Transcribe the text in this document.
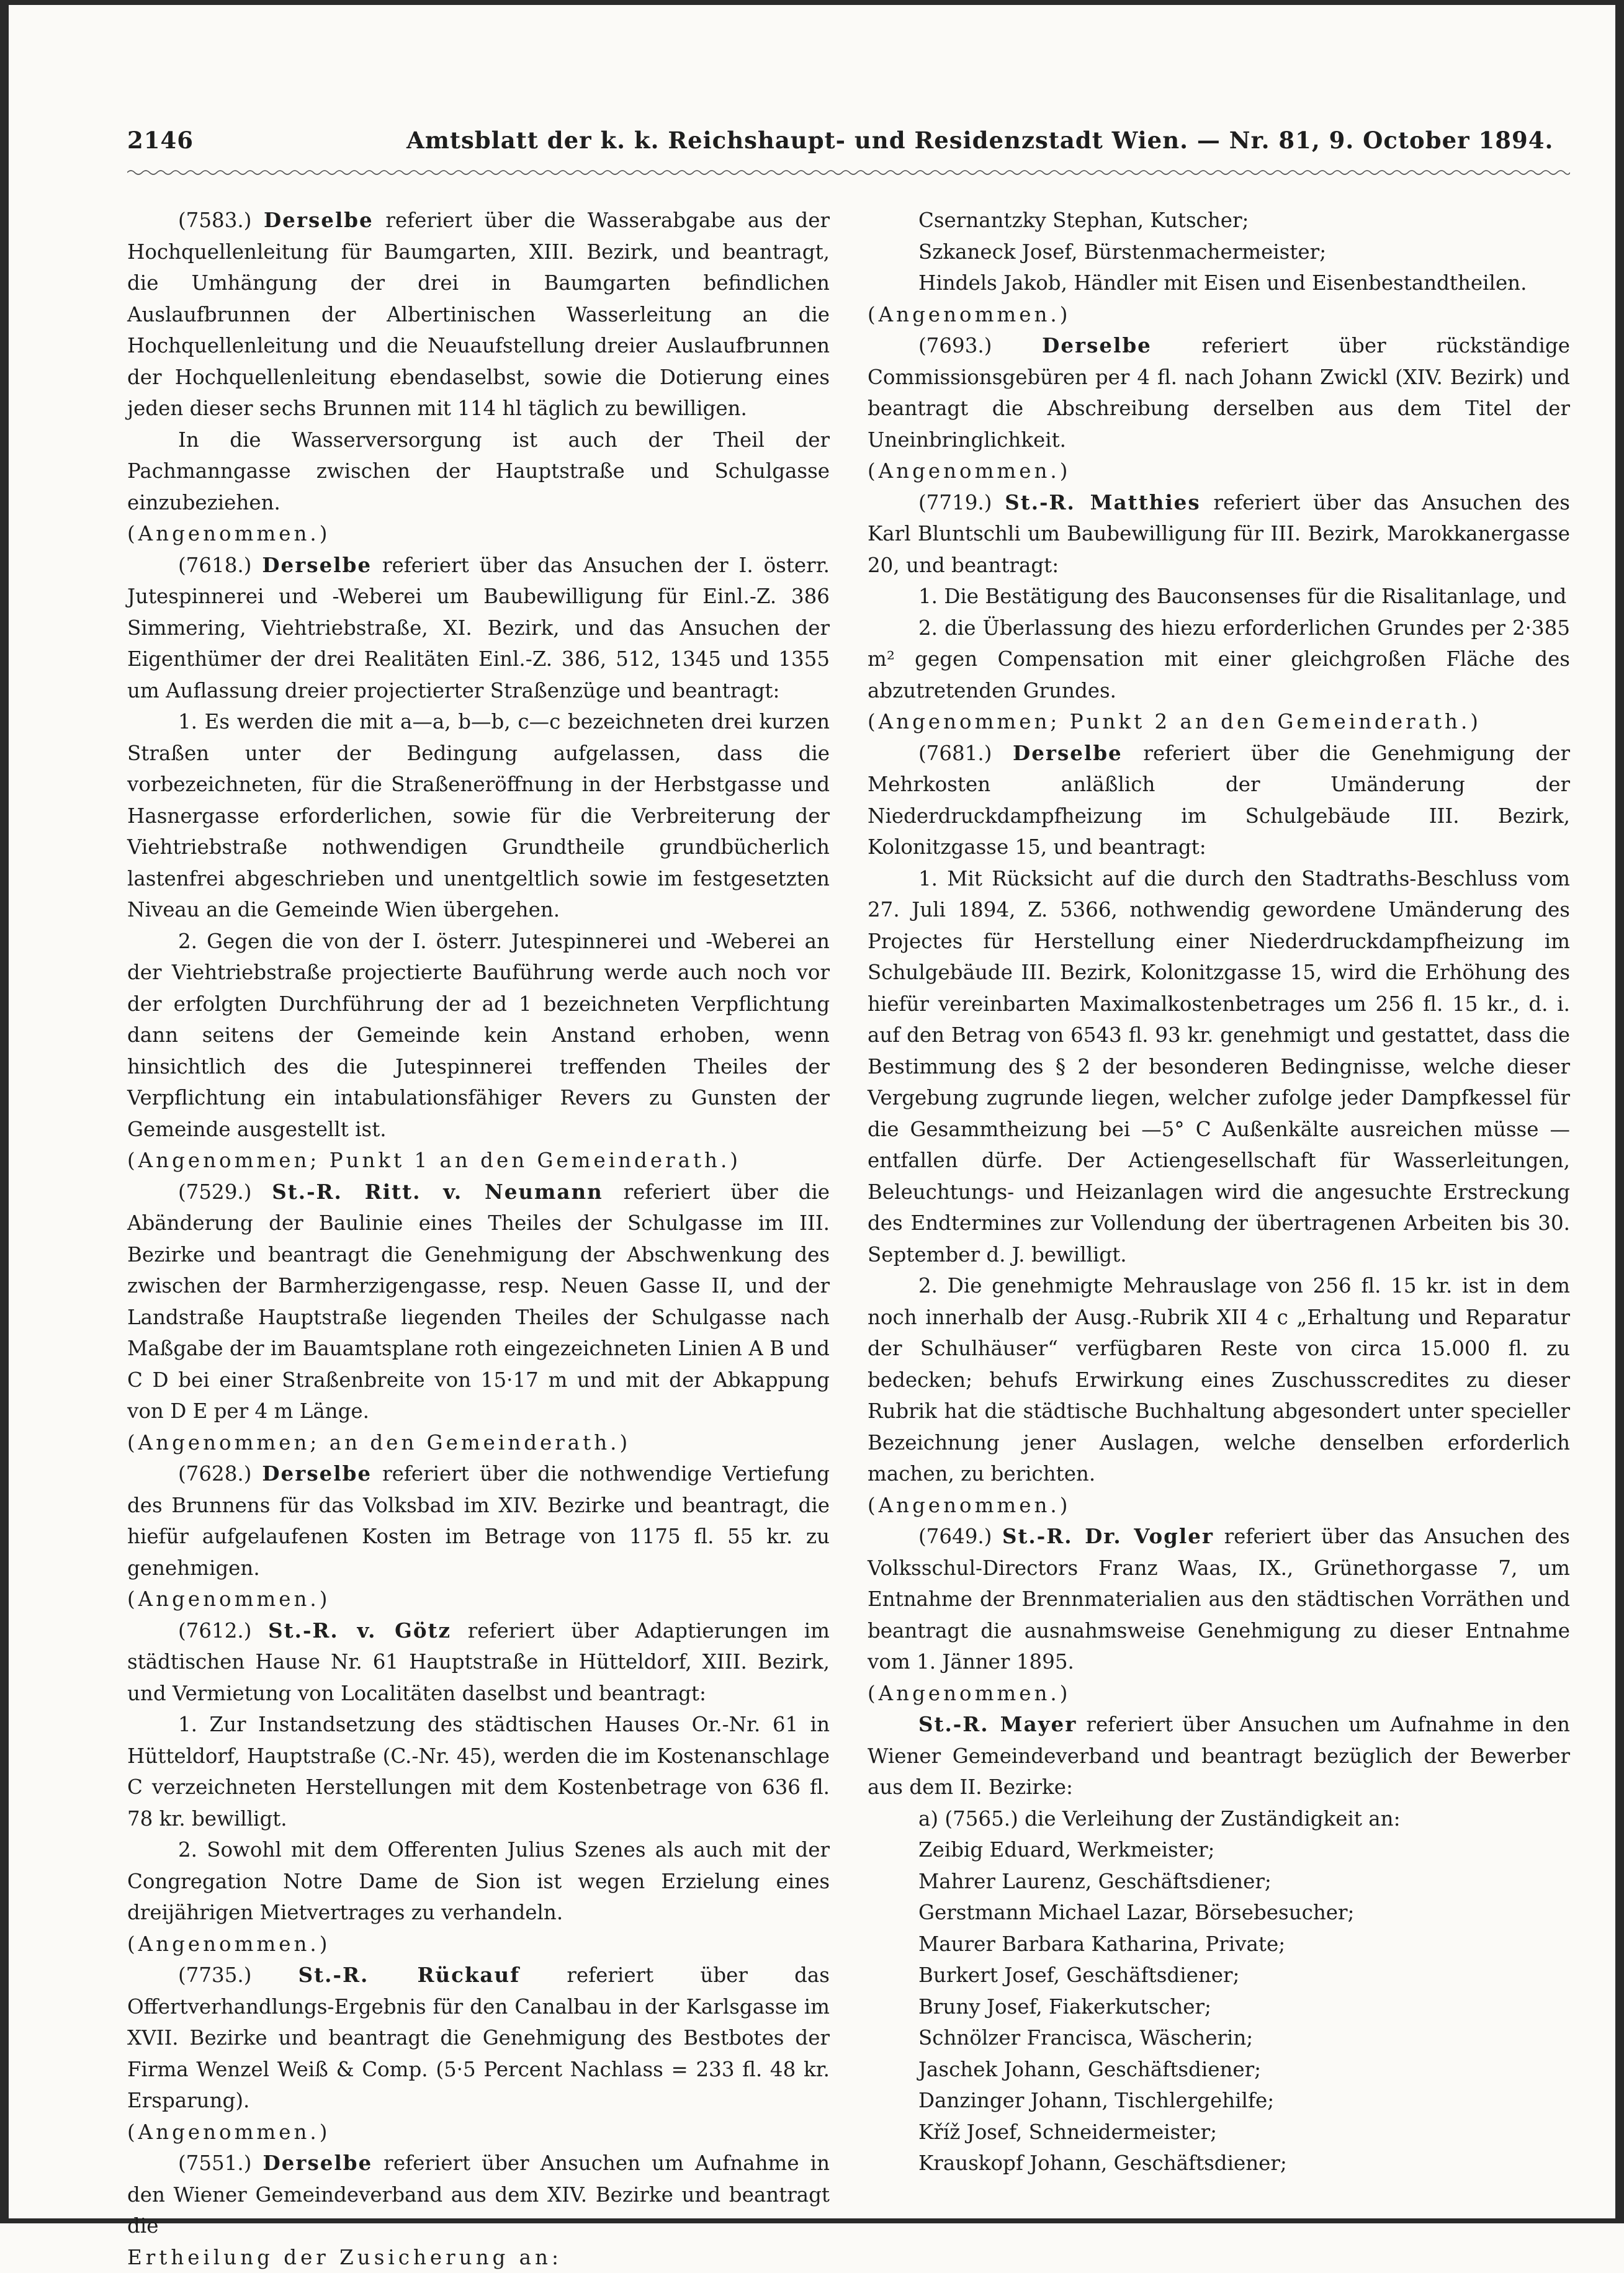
2146	Amtsblatt der k. k. Reichshaupt- und Residenzstadt Wien. — Nr. 81, 9. October 1894.

(7583.) Derselbe referiert über die Wasserabgabe aus der Hochquellenleitung für Baumgarten, XIII. Bezirk, und beantragt, die Umhängung der drei in Baumgarten befindlichen Auslaufbrunnen der Albertinischen Wasserleitung an die Hochquellenleitung und die Neuaufstellung dreier Auslaufbrunnen der Hochquellenleitung ebendaselbst, sowie die Dotierung eines jeden dieser sechs Brunnen mit 114 hl täglich zu bewilligen.

In die Wasserversorgung ist auch der Theil der Pachmanngasse zwischen der Hauptstraße und Schulgasse einzubeziehen.

(Angenommen.)

(7618.) Derselbe referiert über das Ansuchen der I. österr. Jutespinnerei und -Weberei um Baubewilligung für Einl.-Z. 386 Simmering, Viehtriebstraße, XI. Bezirk, und das Ansuchen der Eigenthümer der drei Realitäten Einl.-Z. 386, 512, 1345 und 1355 um Auflassung dreier projectierter Straßenzüge und beantragt:

1. Es werden die mit a—a, b—b, c—c bezeichneten drei kurzen Straßen unter der Bedingung aufgelassen, dass die vorbezeichneten, für die Straßeneröffnung in der Herbstgasse und Hasnergasse erforderlichen, sowie für die Verbreiterung der Viehtriebstraße nothwendigen Grundtheile grundbücherlich lastenfrei abgeschrieben und unentgeltlich sowie im festgesetzten Niveau an die Gemeinde Wien übergehen.

2. Gegen die von der I. österr. Jutespinnerei und -Weberei an der Viehtriebstraße projectierte Bauführung werde auch noch vor der erfolgten Durchführung der ad 1 bezeichneten Verpflichtung dann seitens der Gemeinde kein Anstand erhoben, wenn hinsichtlich des die Jutespinnerei treffenden Theiles der Verpflichtung ein intabulationsfähiger Revers zu Gunsten der Gemeinde ausgestellt ist.

(Angenommen; Punkt 1 an den Gemeinderath.)

(7529.) St.-R. Ritt. v. Neumann referiert über die Abänderung der Baulinie eines Theiles der Schulgasse im III. Bezirke und beantragt die Genehmigung der Abschwenkung des zwischen der Barmherzigengasse, resp. Neuen Gasse II, und der Landstraße Hauptstraße liegenden Theiles der Schulgasse nach Maßgabe der im Bauamtsplane roth eingezeichneten Linien A B und C D bei einer Straßenbreite von 15·17 m und mit der Abkappung von D E per 4 m Länge.

(Angenommen; an den Gemeinderath.)

(7628.) Derselbe referiert über die nothwendige Vertiefung des Brunnens für das Volksbad im XIV. Bezirke und beantragt, die hiefür aufgelaufenen Kosten im Betrage von 1175 fl. 55 kr. zu genehmigen.

(Angenommen.)

(7612.) St.-R. v. Götz referiert über Adaptierungen im städtischen Hause Nr. 61 Hauptstraße in Hütteldorf, XIII. Bezirk, und Vermietung von Localitäten daselbst und beantragt:

1. Zur Instandsetzung des städtischen Hauses Or.-Nr. 61 in Hütteldorf, Hauptstraße (C.-Nr. 45), werden die im Kostenanschlage C verzeichneten Herstellungen mit dem Kostenbetrage von 636 fl. 78 kr. bewilligt.

2. Sowohl mit dem Offerenten Julius Szenes als auch mit der Congregation Notre Dame de Sion ist wegen Erzielung eines dreijährigen Mietvertrages zu verhandeln.

(Angenommen.)

(7735.) St.-R. Rückauf referiert über das Offertverhandlungs-Ergebnis für den Canalbau in der Karlsgasse im XVII. Bezirke und beantragt die Genehmigung des Bestbotes der Firma Wenzel Weiß & Comp. (5·5 Percent Nachlass = 233 fl. 48 kr. Ersparung).

(Angenommen.)

(7551.) Derselbe referiert über Ansuchen um Aufnahme in den Wiener Gemeindeverband aus dem XIV. Bezirke und beantragt die

Ertheilung der Zusicherung an:

Csernantzky Stephan, Kutscher;

Szkaneck Josef, Bürstenmachermeister;

Hindels Jakob, Händler mit Eisen und Eisenbestandtheilen.

(Angenommen.)

(7693.) Derselbe referiert über rückständige Commissionsgebüren per 4 fl. nach Johann Zwickl (XIV. Bezirk) und beantragt die Abschreibung derselben aus dem Titel der Uneinbringlichkeit.

(Angenommen.)

(7719.) St.-R. Matthies referiert über das Ansuchen des Karl Bluntschli um Baubewilligung für III. Bezirk, Marokkanergasse 20, und beantragt:

1. Die Bestätigung des Bauconsenses für die Risalitanlage, und

2. die Überlassung des hiezu erforderlichen Grundes per 2·385 m² gegen Compensation mit einer gleichgroßen Fläche des abzutretenden Grundes.

(Angenommen; Punkt 2 an den Gemeinderath.)

(7681.) Derselbe referiert über die Genehmigung der Mehrkosten anläßlich der Umänderung der Niederdruckdampfheizung im Schulgebäude III. Bezirk, Kolonitzgasse 15, und beantragt:

1. Mit Rücksicht auf die durch den Stadtraths-Beschluss vom 27. Juli 1894, Z. 5366, nothwendig gewordene Umänderung des Projectes für Herstellung einer Niederdruckdampfheizung im Schulgebäude III. Bezirk, Kolonitzgasse 15, wird die Erhöhung des hiefür vereinbarten Maximalkostenbetrages um 256 fl. 15 kr., d. i. auf den Betrag von 6543 fl. 93 kr. genehmigt und gestattet, dass die Bestimmung des § 2 der besonderen Bedingnisse, welche dieser Vergebung zugrunde liegen, welcher zufolge jeder Dampfkessel für die Gesammtheizung bei —5° C Außenkälte ausreichen müsse — entfallen dürfe. Der Actiengesellschaft für Wasserleitungen, Beleuchtungs- und Heizanlagen wird die angesuchte Erstreckung des Endtermines zur Vollendung der übertragenen Arbeiten bis 30. September d. J. bewilligt.

2. Die genehmigte Mehrauslage von 256 fl. 15 kr. ist in dem noch innerhalb der Ausg.-Rubrik XII 4 c „Erhaltung und Reparatur der Schulhäuser“ verfügbaren Reste von circa 15.000 fl. zu bedecken; behufs Erwirkung eines Zuschusscredites zu dieser Rubrik hat die städtische Buchhaltung abgesondert unter specieller Bezeichnung jener Auslagen, welche denselben erforderlich machen, zu berichten.

(Angenommen.)

(7649.) St.-R. Dr. Vogler referiert über das Ansuchen des Volksschul-Directors Franz Waas, IX., Grünethorgasse 7, um Entnahme der Brennmaterialien aus den städtischen Vorräthen und beantragt die ausnahmsweise Genehmigung zu dieser Entnahme vom 1. Jänner 1895.

(Angenommen.)

St.-R. Mayer referiert über Ansuchen um Aufnahme in den Wiener Gemeindeverband und beantragt bezüglich der Bewerber aus dem II. Bezirke:

a) (7565.) die Verleihung der Zuständigkeit an:

Zeibig Eduard, Werkmeister;

Mahrer Laurenz, Geschäftsdiener;

Gerstmann Michael Lazar, Börsebesucher;

Maurer Barbara Katharina, Private;

Burkert Josef, Geschäftsdiener;

Bruny Josef, Fiakerkutscher;

Schnölzer Francisca, Wäscherin;

Jaschek Johann, Geschäftsdiener;

Danzinger Johann, Tischlergehilfe;

Kříž Josef, Schneidermeister;

Krauskopf Johann, Geschäftsdiener;
